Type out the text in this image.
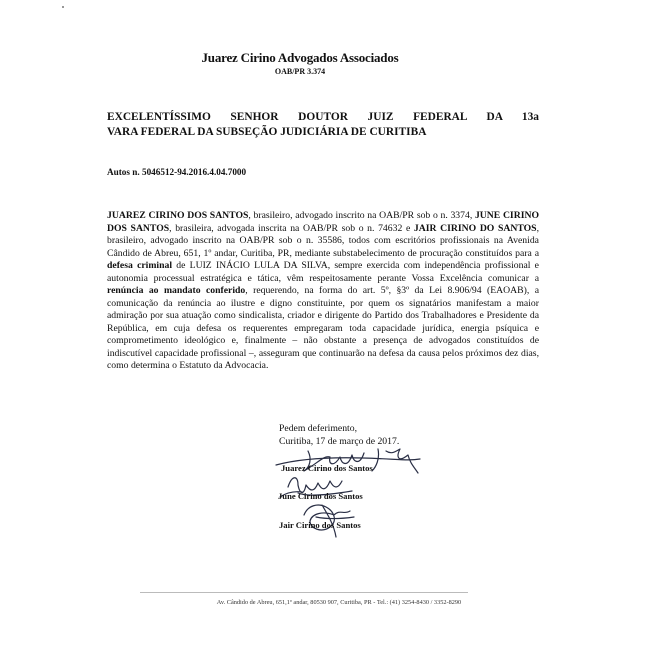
Juarez Cirino Advogados Associados
OAB/PR 3.374
EXCELENTÍSSIMO SENHOR DOUTOR JUIZ FEDERAL DA 13a
VARA FEDERAL DA SUBSEÇÃO JUDICIÁRIA DE CURITIBA
Autos n. 5046512-94.2016.4.04.7000
JUAREZ CIRINO DOS SANTOS, brasileiro, advogado inscrito na OAB/PR sob o n. 3374, JUNE CIRINO DOS SANTOS, brasileira, advogada inscrita na OAB/PR sob o n. 74632 e JAIR CIRINO DO SANTOS, brasileiro, advogado inscrito na OAB/PR sob o n. 35586, todos com escritórios profissionais na Avenida Cândido de Abreu, 651, 1º andar, Curitiba, PR, mediante substabelecimento de procuração constituídos para a defesa criminal de LUIZ INÁCIO LULA DA SILVA, sempre exercida com independência profissional e autonomia processual estratégica e tática, vêm respeitosamente perante Vossa Excelência comunicar a renúncia ao mandato conferido, requerendo, na forma do art. 5º, §3º da Lei 8.906/94 (EAOAB), a comunicação da renúncia ao ilustre e digno constituinte, por quem os signatários manifestam a maior admiração por sua atuação como sindicalista, criador e dirigente do Partido dos Trabalhadores e Presidente da República, em cuja defesa os requerentes empregaram toda capacidade jurídica, energia psíquica e comprometimento ideológico e, finalmente – não obstante a presença de advogados constituídos de indiscutível capacidade profissional –, asseguram que continuarão na defesa da causa pelos próximos dez dias, como determina o Estatuto da Advocacia.
Pedem deferimento,
Curitiba, 17 de março de 2017.
Juarez Cirino dos Santos
June Cirino dos Santos
Jair Cirino dos Santos
Av. Cândido de Abreu, 651,1º andar, 80530 907, Curitiba, PR - Tel.: (41) 3254-8430 / 3352-8290
